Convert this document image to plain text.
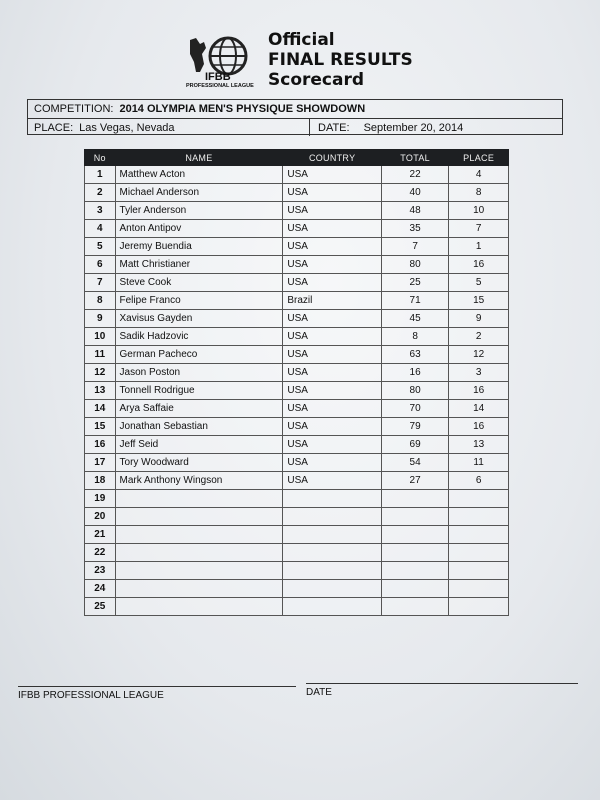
IFBB
PROFESSIONAL LEAGUE
Official
FINAL RESULTS
Scorecard
COMPETITION: 2014 OLYMPIA MEN'S PHYSIQUE SHOWDOWN
PLACE: Las Vegas, Nevada	DATE: September 20, 2014
No	NAME	COUNTRY	TOTAL	PLACE
1	Matthew Acton	USA	22	4
2	Michael Anderson	USA	40	8
3	Tyler Anderson	USA	48	10
4	Anton Antipov	USA	35	7
5	Jeremy Buendia	USA	7	1
6	Matt Christianer	USA	80	16
7	Steve Cook	USA	25	5
8	Felipe Franco	Brazil	71	15
9	Xavisus Gayden	USA	45	9
10	Sadik Hadzovic	USA	8	2
11	German Pacheco	USA	63	12
12	Jason Poston	USA	16	3
13	Tonnell Rodrigue	USA	80	16
14	Arya Saffaie	USA	70	14
15	Jonathan Sebastian	USA	79	16
16	Jeff Seid	USA	69	13
17	Tory Woodward	USA	54	11
18	Mark Anthony Wingson	USA	27	6
19				
20				
21				
22				
23				
24				
25				
IFBB PROFESSIONAL LEAGUE	DATE
